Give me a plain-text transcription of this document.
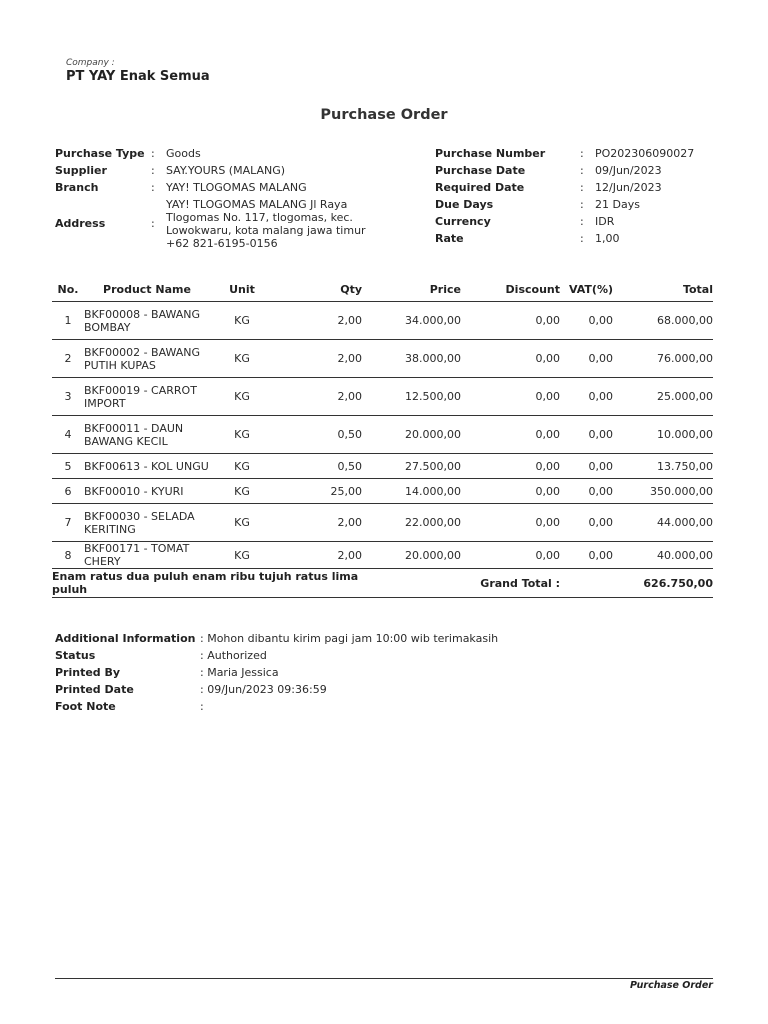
Company :
PT YAY Enak Semua
Purchase Order
Purchase Type : Goods
Supplier	: SAY.YOURS (MALANG)
Branch	: YAY! TLOGOMAS MALANG
Address	:
YAY! TLOGOMAS MALANG Jl Raya
Tlogomas No. 117, tlogomas, kec.
Lowokwaru, kota malang jawa timur
+62 821-6195-0156
Purchase Number	: PO202306090027
Purchase Date	: 09/Jun/2023
Required Date	: 12/Jun/2023
Due Days	: 21 Days
Currency	: IDR
Rate	: 1,00
No.	Product Name	Unit	Qty	Price	Discount	VAT(%)	Total
1	BKF00008 - BAWANG BOMBAY	KG	2,00	34.000,00	0,00	0,00	68.000,00
2	BKF00002 - BAWANG PUTIH KUPAS	KG	2,00	38.000,00	0,00	0,00	76.000,00
3	BKF00019 - CARROT IMPORT	KG	2,00	12.500,00	0,00	0,00	25.000,00
4	BKF00011 - DAUN BAWANG KECIL	KG	0,50	20.000,00	0,00	0,00	10.000,00
5	BKF00613 - KOL UNGU	KG	0,50	27.500,00	0,00	0,00	13.750,00
6	BKF00010 - KYURI	KG	25,00	14.000,00	0,00	0,00	350.000,00
7	BKF00030 - SELADA KERITING	KG	2,00	22.000,00	0,00	0,00	44.000,00
8	BKF00171 - TOMAT CHERY	KG	2,00	20.000,00	0,00	0,00	40.000,00
Enam ratus dua puluh enam ribu tujuh ratus lima puluh				Grand Total :			626.750,00
Additional Information : Mohon dibantu kirim pagi jam 10:00 wib terimakasih
Status	: Authorized
Printed By	: Maria Jessica
Printed Date	: 09/Jun/2023 09:36:59
Foot Note	:
Purchase Order
